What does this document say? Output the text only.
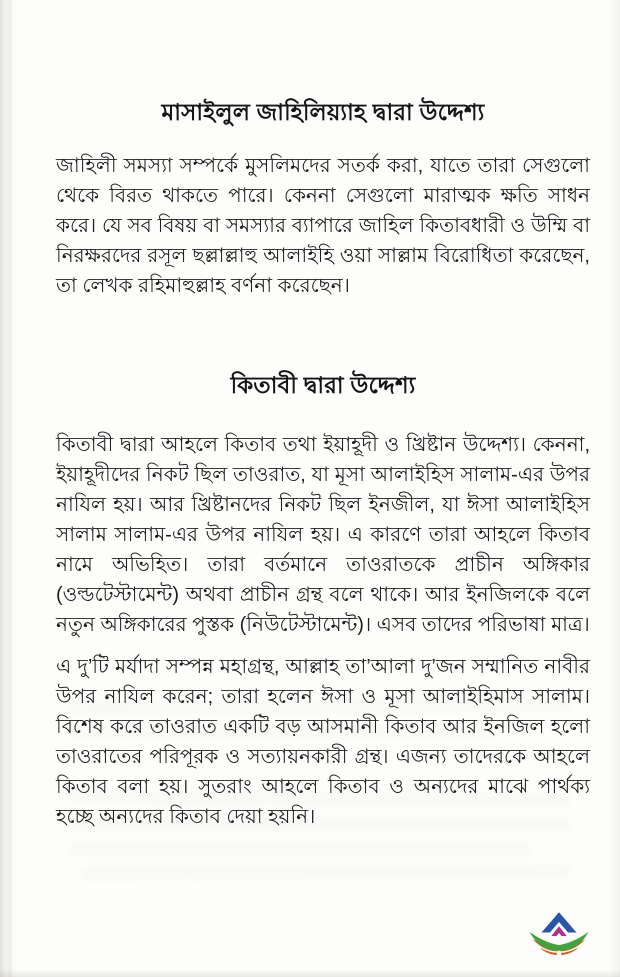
মাসাইলুল জাহিলিয়্যাহ দ্বারা উদ্দেশ্য

জাহিলী সমস্যা সম্পর্কে মুসলিমদের সতর্ক করা, যাতে তারা সেগুলো থেকে বিরত থাকতে পারে। কেননা সেগুলো মারাত্মক ক্ষতি সাধন করে। যে সব বিষয় বা সমস্যার ব্যাপারে জাহিল কিতাবধারী ও উম্মি বা নিরক্ষরদের রসূল ছল্লাল্লাহু আলাইহি ওয়া সাল্লাম বিরোধিতা করেছেন, তা লেখক রহিমাহুল্লাহ বর্ণনা করেছেন।

কিতাবী দ্বারা উদ্দেশ্য

কিতাবী দ্বারা আহলে কিতাব তথা ইয়াহূদী ও খ্রিষ্টান উদ্দেশ্য। কেননা, ইয়াহূদীদের নিকট ছিল তাওরাত, যা মূসা আলাইহিস সালাম-এর উপর নাযিল হয়। আর খ্রিষ্টানদের নিকট ছিল ইনজীল, যা ঈসা আলাইহিস সালাম সালাম-এর উপর নাযিল হয়। এ কারণে তারা আহলে কিতাব নামে অভিহিত। তারা বর্তমানে তাওরাতকে প্রাচীন অঙ্গিকার (ওল্ডটেস্টামেন্ট) অথবা প্রাচীন গ্রন্থ বলে থাকে। আর ইনজিলকে বলে নতুন অঙ্গিকারের পুস্তক (নিউটেস্টামেন্ট)। এসব তাদের পরিভাষা মাত্র।

এ দু’টি মর্যাদা সম্পন্ন মহাগ্রন্থ, আল্লাহ তা’আলা দু’জন সম্মানিত নাবীর উপর নাযিল করেন; তারা হলেন ঈসা ও মূসা আলাইহিমাস সালাম। বিশেষ করে তাওরাত একটি বড় আসমানী কিতাব আর ইনজিল হলো তাওরাতের পরিপূরক ও সত্যায়নকারী গ্রন্থ। এজন্য তাদেরকে আহলে কিতাব বলা হয়। সুতরাং আহলে কিতাব ও অন্যদের মাঝে পার্থক্য হচ্ছে অন্যদের কিতাব দেয়া হয়নি।
